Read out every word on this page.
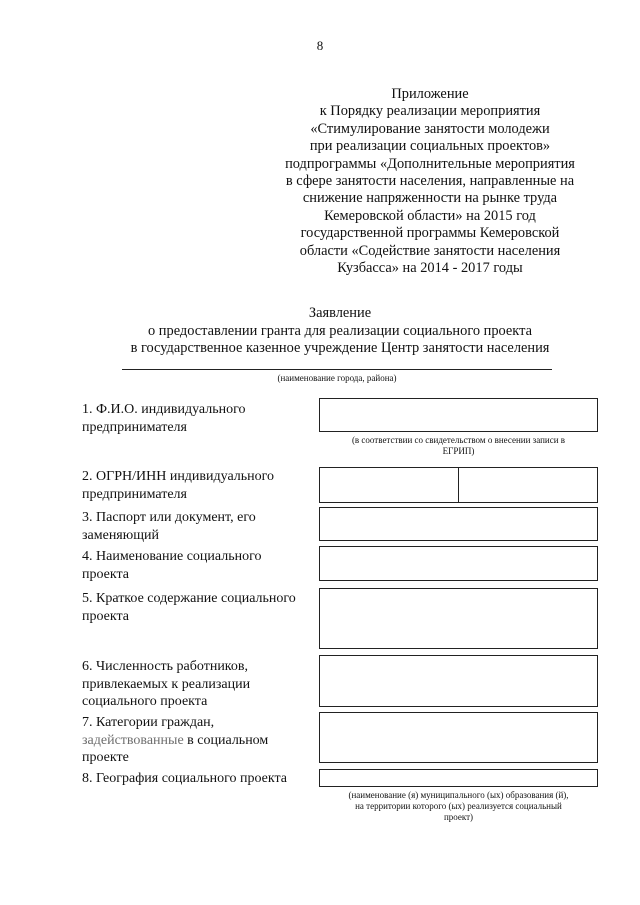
8
Приложение
к Порядку реализации мероприятия
«Стимулирование занятости молодежи
при реализации социальных проектов»
подпрограммы «Дополнительные мероприятия
в сфере занятости населения, направленные на
снижение напряженности на рынке труда
Кемеровской области» на 2015 год
государственной программы Кемеровской
области «Содействие занятости населения
Кузбасса» на 2014 - 2017 годы
Заявление
о предоставлении гранта для реализации социального проекта
в государственное казенное учреждение Центр занятости населения
(наименование города, района)
1. Ф.И.О. индивидуального
предпринимателя
(в соответствии со свидетельством о внесении записи в
ЕГРИП)
2. ОГРН/ИНН индивидуального
предпринимателя
3. Паспорт или документ, его
заменяющий
4. Наименование социального
проекта
5. Краткое содержание социального
проекта
6. Численность работников,
привлекаемых к реализации
социального проекта
7. Категории граждан,
задействованные в социальном
проекте
8. География социального проекта
(наименование (я) муниципального (ых) образования (й),
на территории которого (ых) реализуется социальный
проект)
